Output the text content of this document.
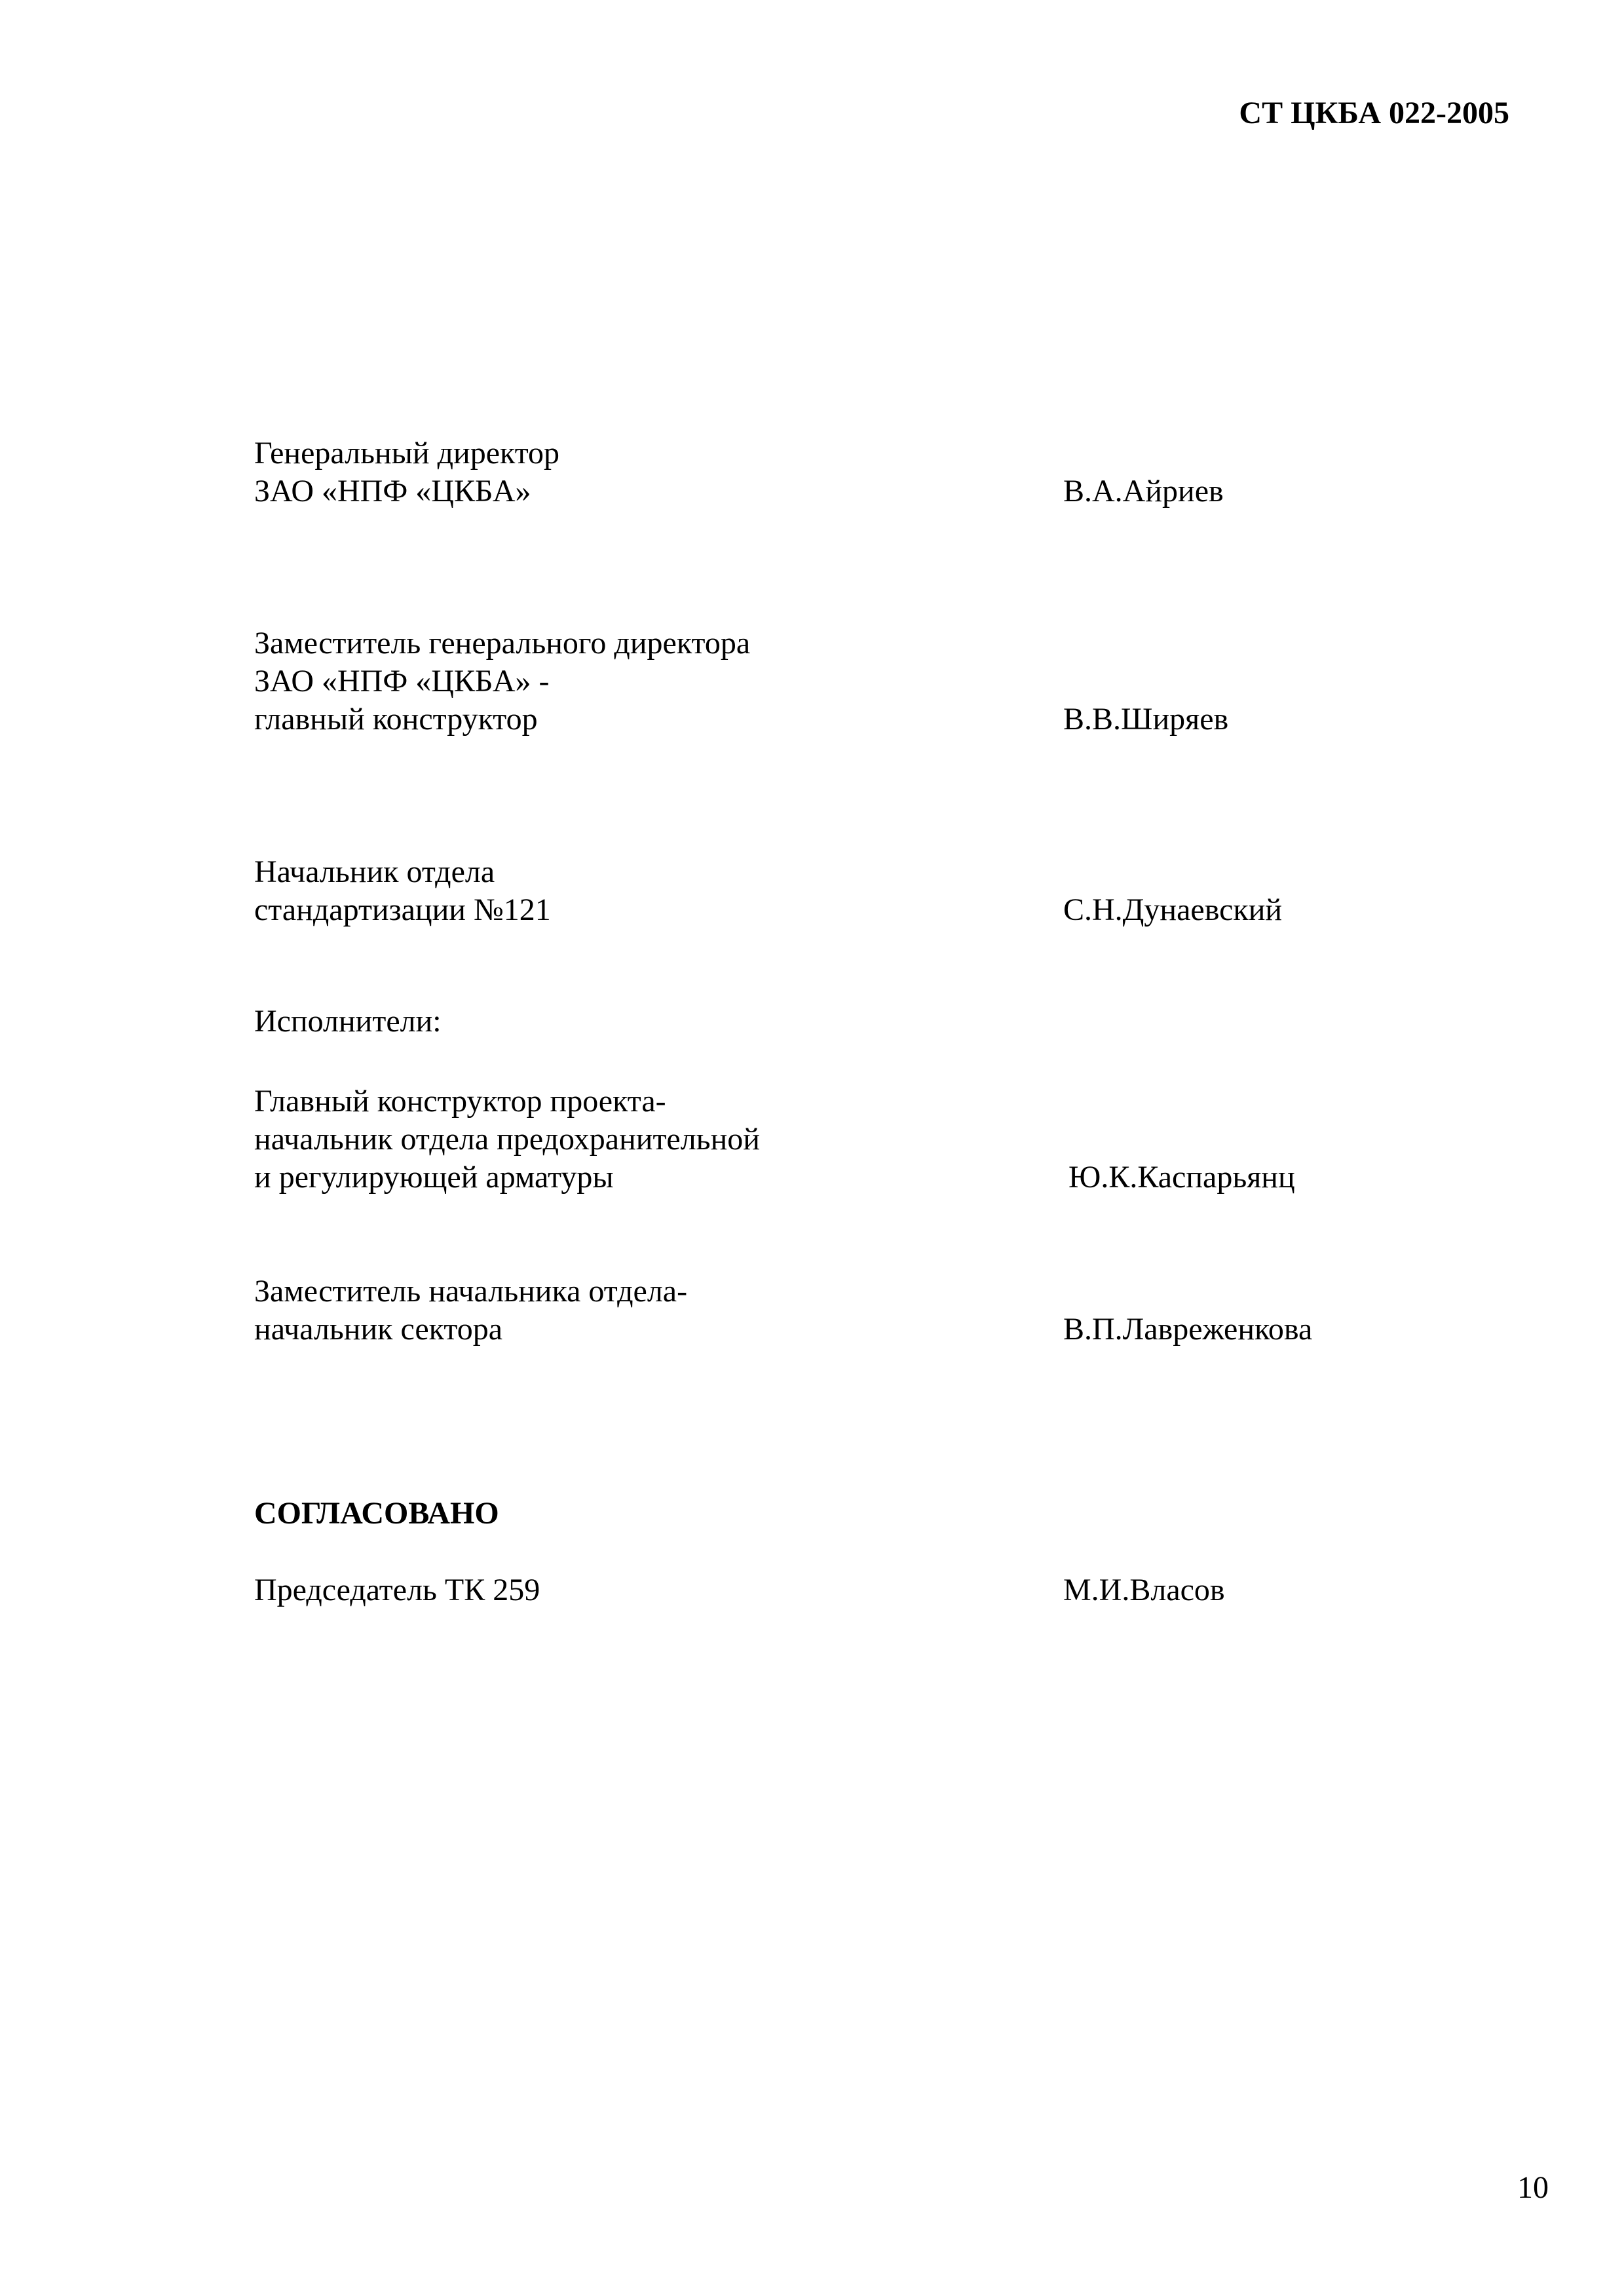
СТ ЦКБА 022-2005
Генеральный директор
ЗАО «НПФ «ЦКБА»	В.А.Айриев
Заместитель генерального директора
ЗАО «НПФ «ЦКБА» -
главный конструктор	В.В.Ширяев
Начальник отдела
стандартизации №121	С.Н.Дунаевский
Исполнители:
Главный конструктор проекта-
начальник отдела предохранительной
и регулирующей арматуры	Ю.К.Каспарьянц
Заместитель начальника отдела-
начальник сектора	В.П.Лавреженкова
СОГЛАСОВАНО
Председатель ТК 259	М.И.Власов
10
